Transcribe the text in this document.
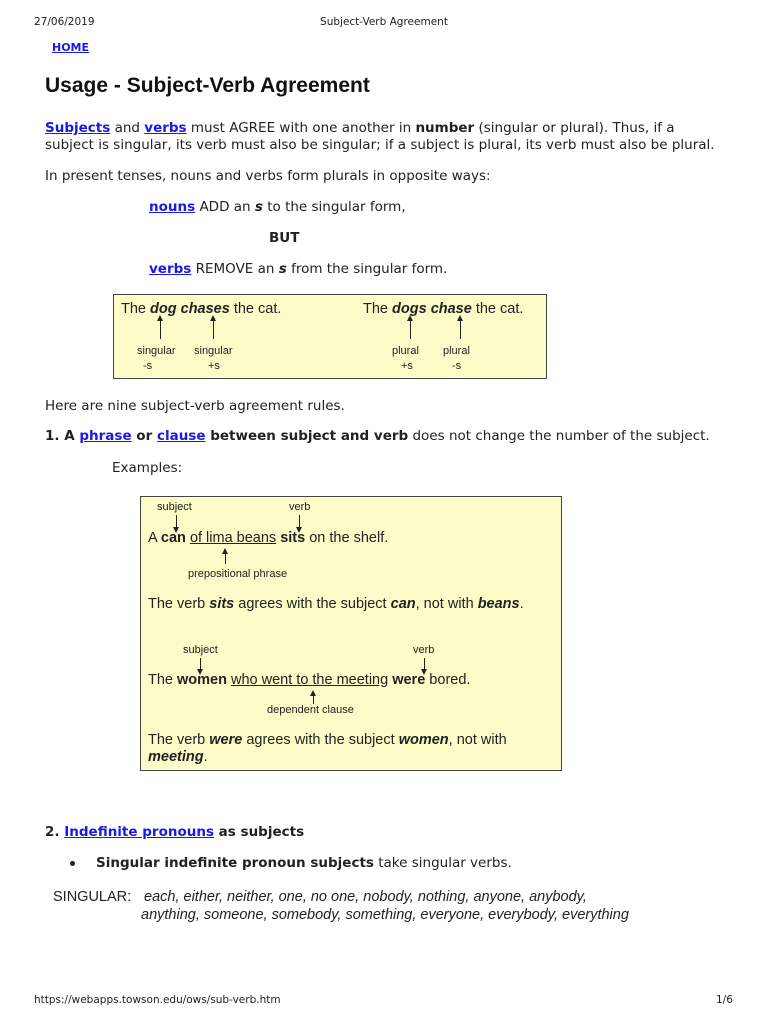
27/06/2019	Subject-Verb Agreement
HOME
Usage - Subject-Verb Agreement
Subjects and verbs must AGREE with one another in number (singular or plural). Thus, if a
subject is singular, its verb must also be singular; if a subject is plural, its verb must also be plural.
In present tenses, nouns and verbs form plurals in opposite ways:
nouns ADD an s to the singular form,
BUT
verbs REMOVE an s from the singular form.
The dog chases the cat.	The dogs chase the cat.
singular
-s
singular
+s
plural
+s
plural
-s
Here are nine subject-verb agreement rules.
1. A phrase or clause between subject and verb does not change the number of the subject.
Examples:
subject	verb
A can of lima beans sits on the shelf.
prepositional phrase
The verb sits agrees with the subject can, not with beans.
subject	verb
The women who went to the meeting were bored.
dependent clause
The verb were agrees with the subject women, not with
meeting.
2. Indefinite pronouns as subjects
Singular indefinite pronoun subjects take singular verbs.
SINGULAR: each, either, neither, one, no one, nobody, nothing, anyone, anybody,
anything, someone, somebody, something, everyone, everybody, everything
https://webapps.towson.edu/ows/sub-verb.htm	1/6
